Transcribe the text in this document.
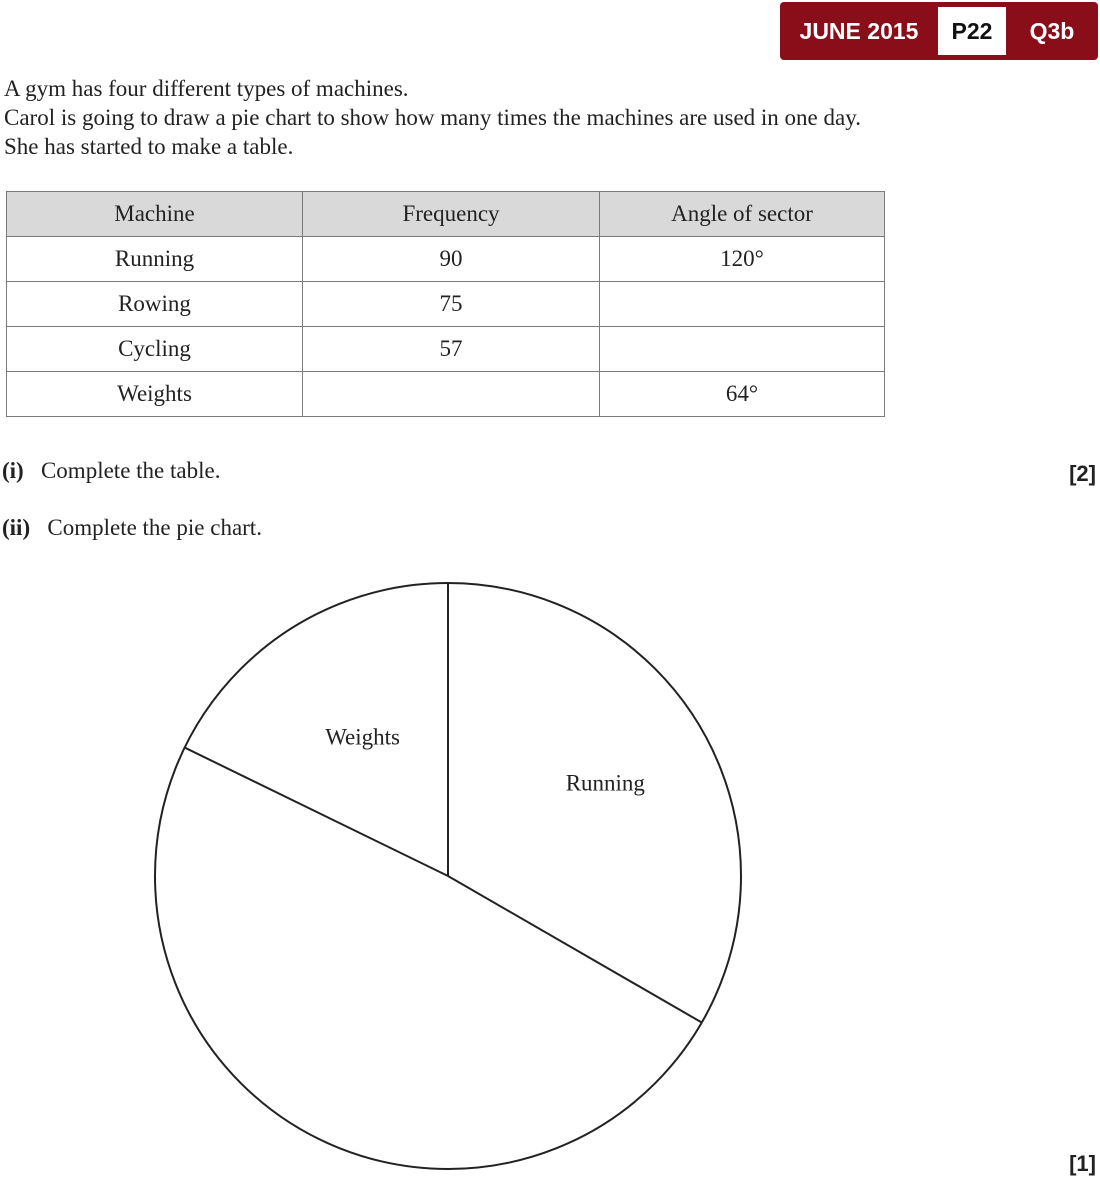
JUNE 2015	P22	Q3b

A gym has four different types of machines.

Carol is going to draw a pie chart to show how many times the machines are used in one day.

She has started to make a table.

Machine	Frequency	Angle of sector
Running	90	120°
Rowing	75	
Cycling	57	
Weights		64°
(i) Complete the table.	[2]
(ii) Complete the pie chart.
[1]
Running
Weights
